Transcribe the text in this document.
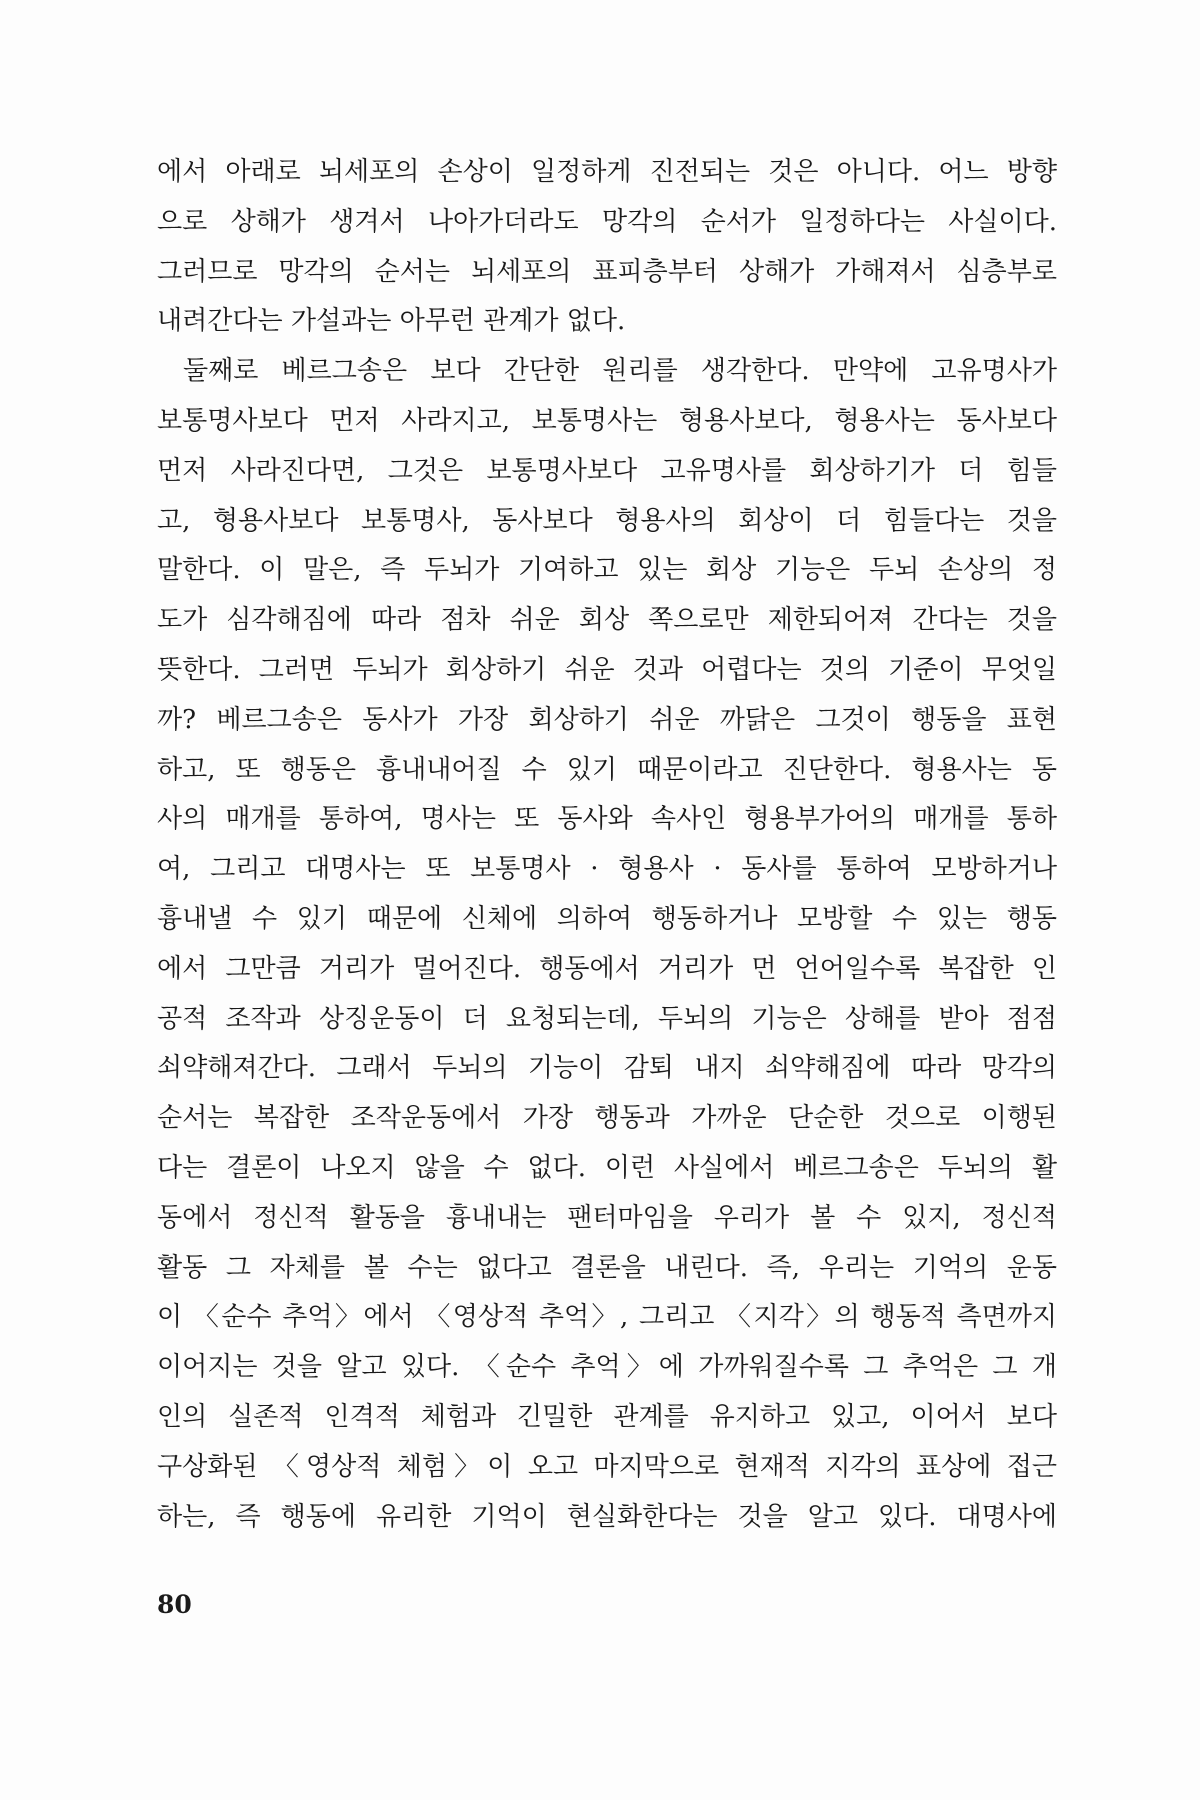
에서 아래로 뇌세포의 손상이 일정하게 진전되는 것은 아니다. 어느 방향
으로 상해가 생겨서 나아가더라도 망각의 순서가 일정하다는 사실이다.
그러므로 망각의 순서는 뇌세포의 표피층부터 상해가 가해져서 심층부로
내려간다는 가설과는 아무런 관계가 없다.
둘째로 베르그송은 보다 간단한 원리를 생각한다. 만약에 고유명사가
보통명사보다 먼저 사라지고, 보통명사는 형용사보다, 형용사는 동사보다
먼저 사라진다면, 그것은 보통명사보다 고유명사를 회상하기가 더 힘들
고, 형용사보다 보통명사, 동사보다 형용사의 회상이 더 힘들다는 것을
말한다. 이 말은, 즉 두뇌가 기여하고 있는 회상 기능은 두뇌 손상의 정
도가 심각해짐에 따라 점차 쉬운 회상 쪽으로만 제한되어져 간다는 것을
뜻한다. 그러면 두뇌가 회상하기 쉬운 것과 어렵다는 것의 기준이 무엇일
까? 베르그송은 동사가 가장 회상하기 쉬운 까닭은 그것이 행동을 표현
하고, 또 행동은 흉내내어질 수 있기 때문이라고 진단한다. 형용사는 동
사의 매개를 통하여, 명사는 또 동사와 속사인 형용부가어의 매개를 통하
여, 그리고 대명사는 또 보통명사 · 형용사 · 동사를 통하여 모방하거나
흉내낼 수 있기 때문에 신체에 의하여 행동하거나 모방할 수 있는 행동
에서 그만큼 거리가 멀어진다. 행동에서 거리가 먼 언어일수록 복잡한 인
공적 조작과 상징운동이 더 요청되는데, 두뇌의 기능은 상해를 받아 점점
쇠약해져간다. 그래서 두뇌의 기능이 감퇴 내지 쇠약해짐에 따라 망각의
순서는 복잡한 조작운동에서 가장 행동과 가까운 단순한 것으로 이행된
다는 결론이 나오지 않을 수 없다. 이런 사실에서 베르그송은 두뇌의 활
동에서 정신적 활동을 흉내내는 팬터마임을 우리가 볼 수 있지, 정신적
활동 그 자체를 볼 수는 없다고 결론을 내린다. 즉, 우리는 기억의 운동
이 〈순수 추억〉에서 〈영상적 추억〉, 그리고 〈지각〉의 행동적 측면까지
이어지는 것을 알고 있다. 〈순수 추억〉에 가까워질수록 그 추억은 그 개
인의 실존적 인격적 체험과 긴밀한 관계를 유지하고 있고, 이어서 보다
구상화된 〈영상적 체험〉이 오고 마지막으로 현재적 지각의 표상에 접근
하는, 즉 행동에 유리한 기억이 현실화한다는 것을 알고 있다. 대명사에
80
